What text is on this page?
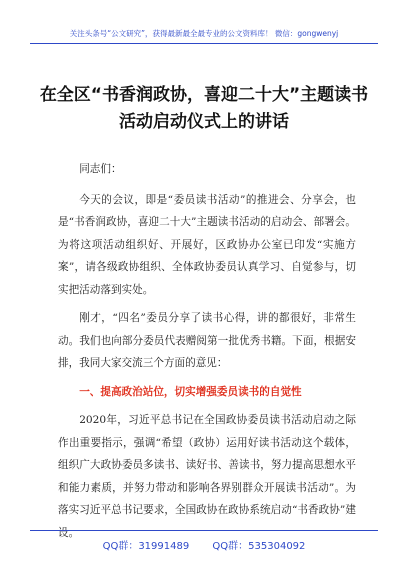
关注头条号“公文研究”，获得最新最全最专业的公文资料库！ 微信：gongwenyj
在全区“书香润政协，喜迎二十大”主题读书
活动启动仪式上的讲话

同志们：

今天的会议，即是“委员读书活动”的推进会、分享会，也是“书香润政协，喜迎二十大”主题读书活动的启动会、部署会。为将这项活动组织好、开展好，区政协办公室已印发“实施方案”，请各级政协组织、全体政协委员认真学习、自觉参与，切实把活动落到实处。

刚才，“四名”委员分享了读书心得，讲的都很好，非常生动。我们也向部分委员代表赠阅第一批优秀书籍。下面，根据安排，我同大家交流三个方面的意见：

一、提高政治站位，切实增强委员读书的自觉性

2020年，习近平总书记在全国政协委员读书活动启动之际作出重要指示，强调“希望（政协）运用好读书活动这个载体，组织广大政协委员多读书、读好书、善读书，努力提高思想水平和能力素质，并努力带动和影响各界别群众开展读书活动”。为落实习近平总书记要求，全国政协在政协系统启动“书香政协”建设。

QQ群：31991489 QQ群：535304092
